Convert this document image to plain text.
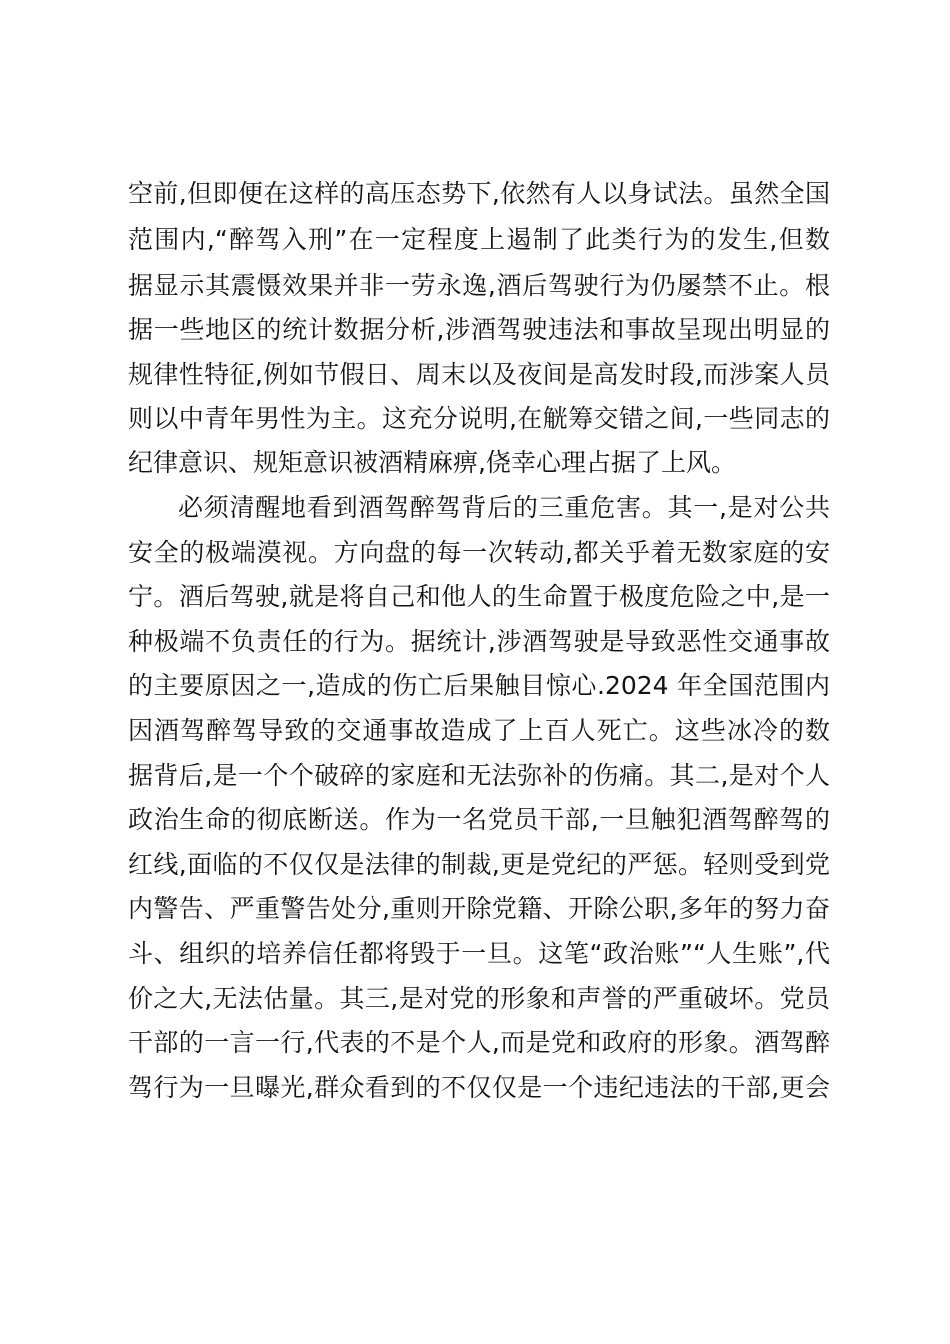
空前,但即便在这样的高压态势下,依然有人以身试法。虽然全国

范围内,“醉驾入刑”在一定程度上遏制了此类行为的发生,但数

据显示其震慑效果并非一劳永逸,酒后驾驶行为仍屡禁不止。根

据一些地区的统计数据分析,涉酒驾驶违法和事故呈现出明显的

规律性特征,例如节假日、周末以及夜间是高发时段,而涉案人员

则以中青年男性为主。这充分说明,在觥筹交错之间,一些同志的

纪律意识、规矩意识被酒精麻痹,侥幸心理占据了上风。

必须清醒地看到酒驾醉驾背后的三重危害。其一,是对公共

安全的极端漠视。方向盘的每一次转动,都关乎着无数家庭的安

宁。酒后驾驶,就是将自己和他人的生命置于极度危险之中,是一

种极端不负责任的行为。据统计,涉酒驾驶是导致恶性交通事故

的主要原因之一,造成的伤亡后果触目惊心.2024 年全国范围内

因酒驾醉驾导致的交通事故造成了上百人死亡。这些冰冷的数

据背后,是一个个破碎的家庭和无法弥补的伤痛。其二,是对个人

政治生命的彻底断送。作为一名党员干部,一旦触犯酒驾醉驾的

红线,面临的不仅仅是法律的制裁,更是党纪的严惩。轻则受到党

内警告、严重警告处分,重则开除党籍、开除公职,多年的努力奋

斗、组织的培养信任都将毁于一旦。这笔“政治账”“人生账”,代

价之大,无法估量。其三,是对党的形象和声誉的严重破坏。党员

干部的一言一行,代表的不是个人,而是党和政府的形象。酒驾醉

驾行为一旦曝光,群众看到的不仅仅是一个违纪违法的干部,更会
